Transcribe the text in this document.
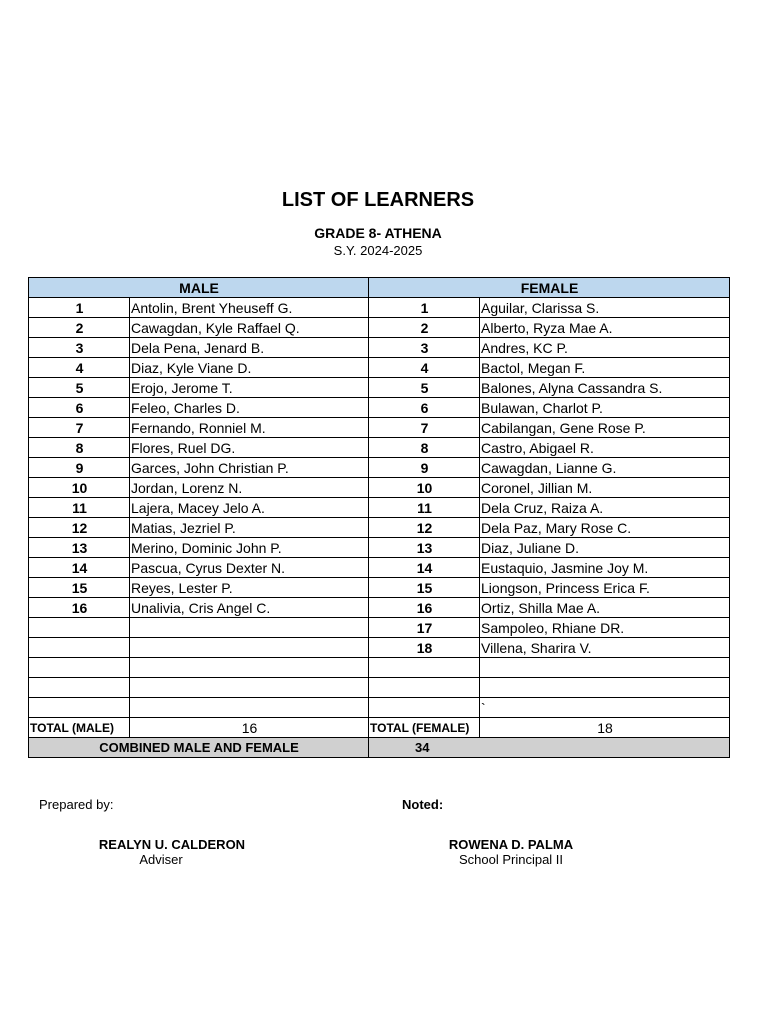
LIST OF LEARNERS
GRADE 8- ATHENA
S.Y. 2024-2025
MALE		FEMALE	
1	Antolin, Brent Yheuseff G.	1	Aguilar, Clarissa S.
2	Cawagdan, Kyle Raffael Q.	2	Alberto, Ryza Mae A.
3	Dela Pena, Jenard B.	3	Andres, KC P.
4	Diaz, Kyle Viane D.	4	Bactol, Megan F.
5	Erojo, Jerome T.	5	Balones, Alyna Cassandra S.
6	Feleo, Charles D.	6	Bulawan, Charlot P.
7	Fernando, Ronniel M.	7	Cabilangan, Gene Rose P.
8	Flores, Ruel DG.	8	Castro, Abigael R.
9	Garces, John Christian P.	9	Cawagdan, Lianne G.
10	Jordan, Lorenz N.	10	Coronel, Jillian M.
11	Lajera, Macey Jelo A.	11	Dela Cruz, Raiza A.
12	Matias, Jezriel P.	12	Dela Paz, Mary Rose C.
13	Merino, Dominic John P.	13	Diaz, Juliane D.
14	Pascua, Cyrus Dexter N.	14	Eustaquio, Jasmine Joy M.
15	Reyes, Lester P.	15	Liongson, Princess Erica F.
16	Unalivia, Cris Angel C.	16	Ortiz, Shilla Mae A.
		17	Sampoleo, Rhiane DR.
		18	Villena, Sharira V.

			`
TOTAL (MALE)	16	TOTAL (FEMALE)	18
COMBINED MALE AND FEMALE		34	
Prepared by:	Noted:
REALYN U. CALDERON
Adviser
ROWENA D. PALMA
School Principal II
